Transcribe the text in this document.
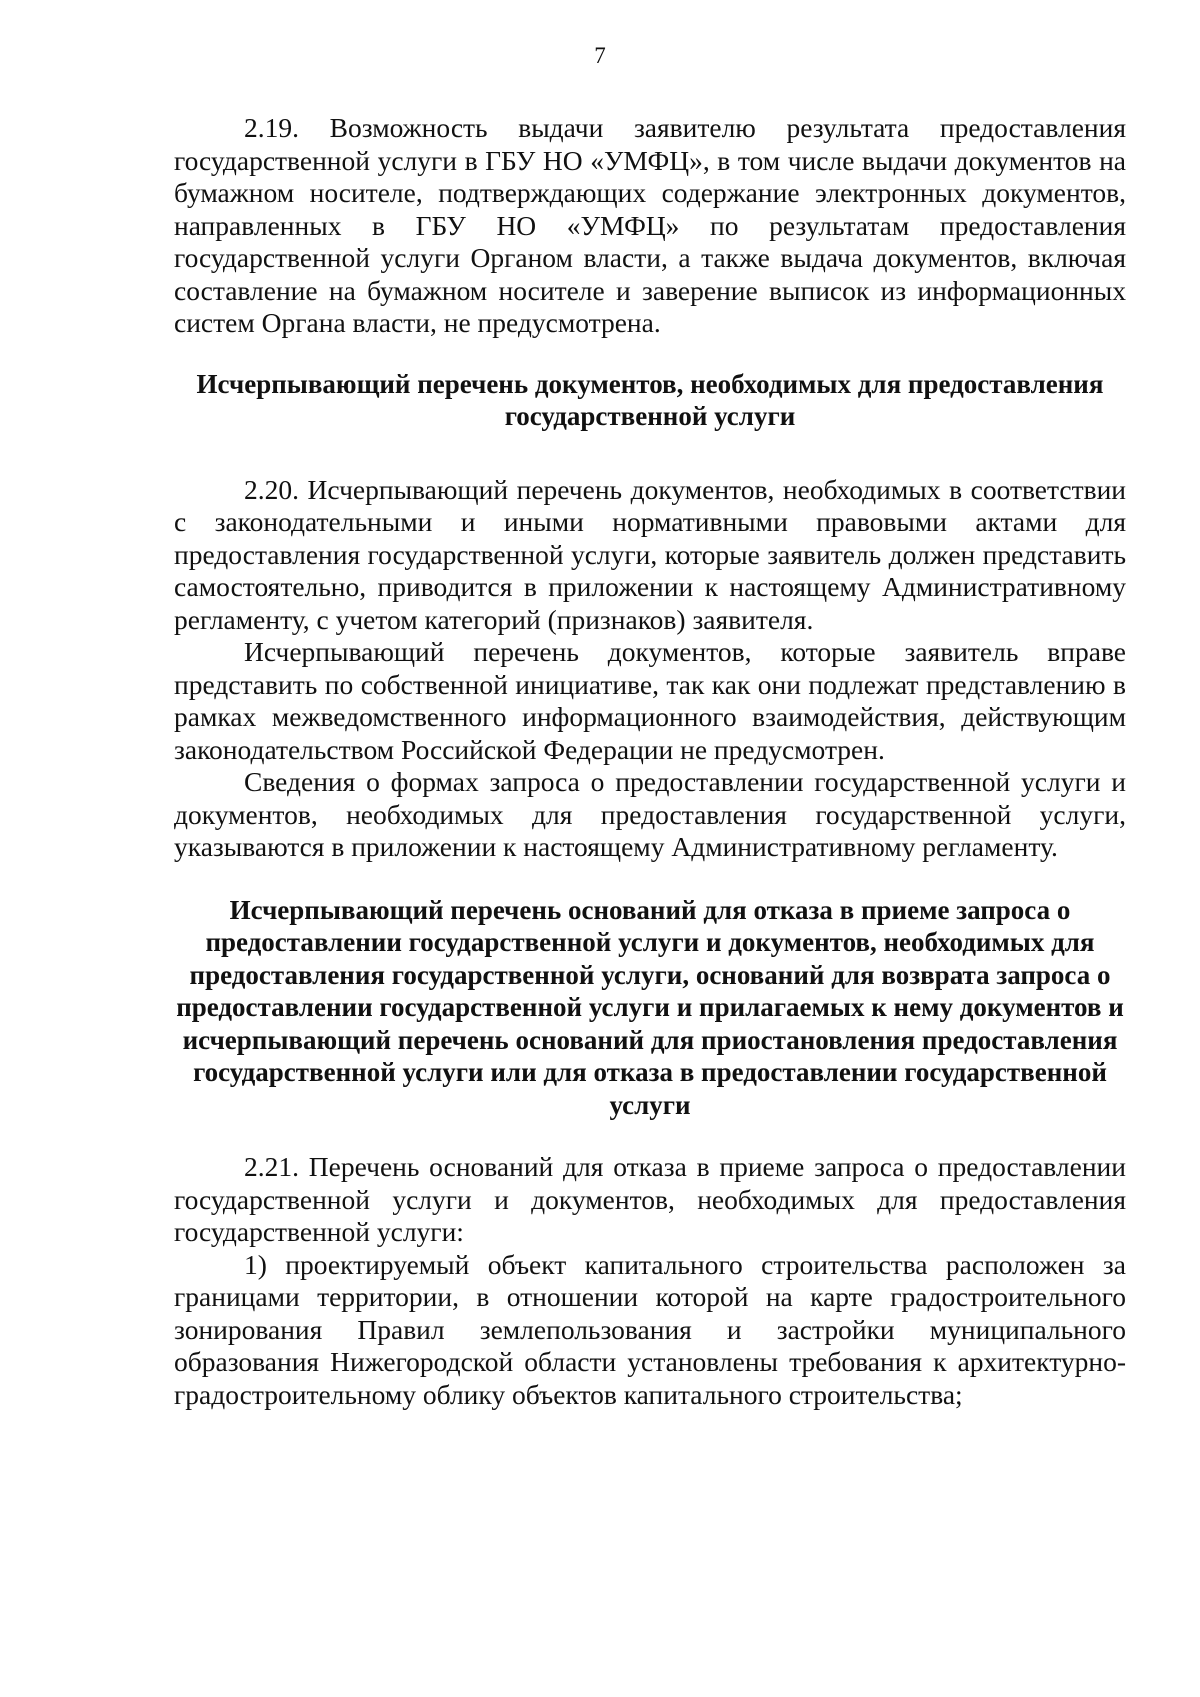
7

2.19. Возможность выдачи заявителю результата предоставления государственной услуги в ГБУ НО «УМФЦ», в том числе выдачи документов на бумажном носителе, подтверждающих содержание электронных документов, направленных в ГБУ НО «УМФЦ» по результатам предоставления государственной услуги Органом власти, а также выдача документов, включая составление на бумажном носителе и заверение выписок из информационных систем Органа власти, не предусмотрена.

Исчерпывающий перечень документов, необходимых для предоставления государственной услуги

2.20. Исчерпывающий перечень документов, необходимых в соответствии с законодательными и иными нормативными правовыми актами для предоставления государственной услуги, которые заявитель должен представить самостоятельно, приводится в приложении к настоящему Административному регламенту, с учетом категорий (признаков) заявителя.

Исчерпывающий перечень документов, которые заявитель вправе представить по собственной инициативе, так как они подлежат представлению в рамках межведомственного информационного взаимодействия, действующим законодательством Российской Федерации не предусмотрен.

Сведения о формах запроса о предоставлении государственной услуги и документов, необходимых для предоставления государственной услуги, указываются в приложении к настоящему Административному регламенту.

Исчерпывающий перечень оснований для отказа в приеме запроса о предоставлении государственной услуги и документов, необходимых для предоставления государственной услуги, оснований для возврата запроса о предоставлении государственной услуги и прилагаемых к нему документов и исчерпывающий перечень оснований для приостановления предоставления государственной услуги или для отказа в предоставлении государственной услуги

2.21. Перечень оснований для отказа в приеме запроса о предоставлении государственной услуги и документов, необходимых для предоставления государственной услуги:

1) проектируемый объект капитального строительства расположен за границами территории, в отношении которой на карте градостроительного зонирования Правил землепользования и застройки муниципального образования Нижегородской области установлены требования к архитектурно-градостроительному облику объектов капитального строительства;
